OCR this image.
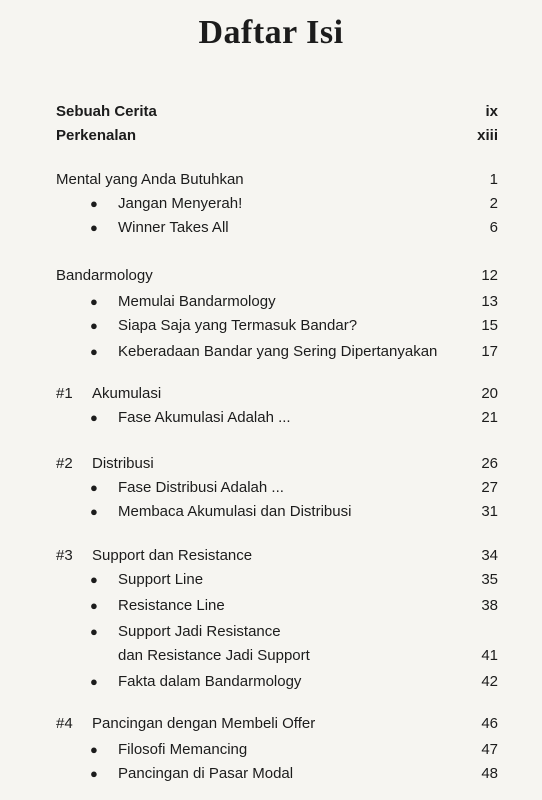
Daftar Isi
Sebuah Cerita	ix
Perkenalan	xiii
Mental yang Anda Butuhkan	1
● Jangan Menyerah!	2
● Winner Takes All	6
Bandarmology	12
● Memulai Bandarmology	13
● Siapa Saja yang Termasuk Bandar?	15
● Keberadaan Bandar yang Sering Dipertanyakan	17
#1 Akumulasi	20
● Fase Akumulasi Adalah ...	21
#2 Distribusi	26
● Fase Distribusi Adalah ...	27
● Membaca Akumulasi dan Distribusi	31
#3 Support dan Resistance	34
● Support Line	35
● Resistance Line	38
● Support Jadi Resistance
dan Resistance Jadi Support	41
● Fakta dalam Bandarmology	42
#4 Pancingan dengan Membeli Offer	46
● Filosofi Memancing	47
● Pancingan di Pasar Modal	48
